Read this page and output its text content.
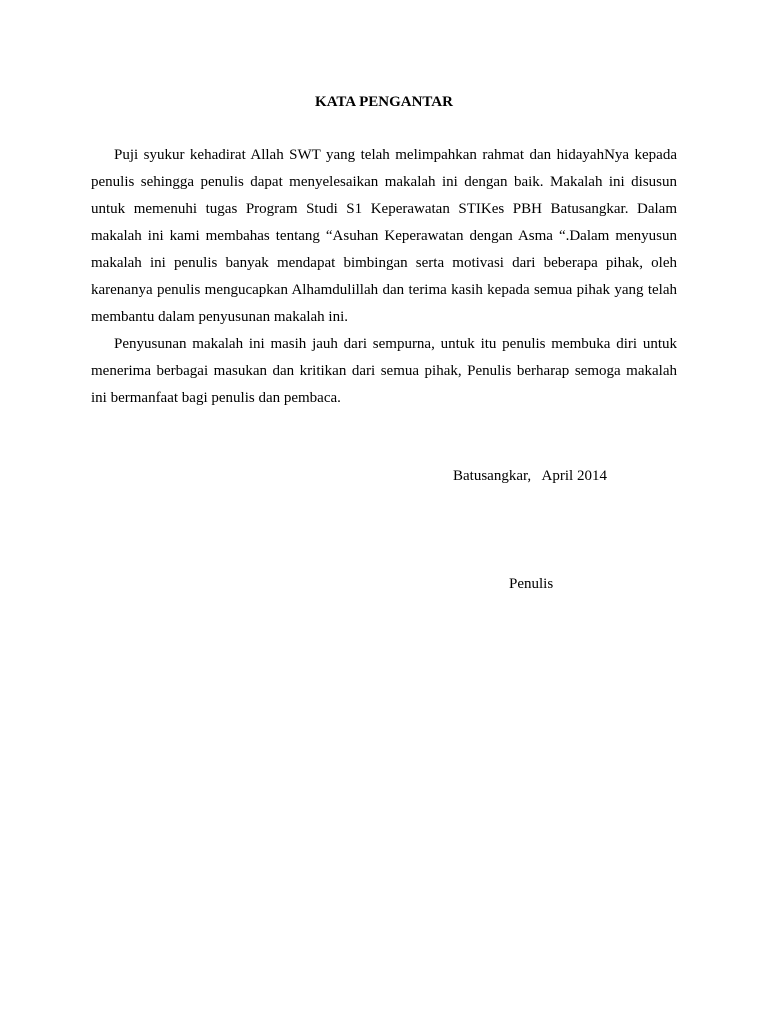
KATA PENGANTAR

Puji syukur kehadirat Allah SWT yang telah melimpahkan rahmat dan hidayahNya kepada penulis sehingga penulis dapat menyelesaikan makalah ini dengan baik. Makalah ini disusun untuk memenuhi tugas Program Studi S1 Keperawatan STIKes PBH Batusangkar. Dalam makalah ini kami membahas tentang “Asuhan Keperawatan dengan Asma “.Dalam menyusun makalah ini penulis banyak mendapat bimbingan serta motivasi dari beberapa pihak, oleh karenanya penulis mengucapkan Alhamdulillah dan terima kasih kepada semua pihak yang telah membantu dalam penyusunan makalah ini.

Penyusunan makalah ini masih jauh dari sempurna, untuk itu penulis membuka diri untuk menerima berbagai masukan dan kritikan dari semua pihak, Penulis berharap semoga makalah ini bermanfaat bagi penulis dan pembaca.

Batusangkar,   April 2014
Penulis
